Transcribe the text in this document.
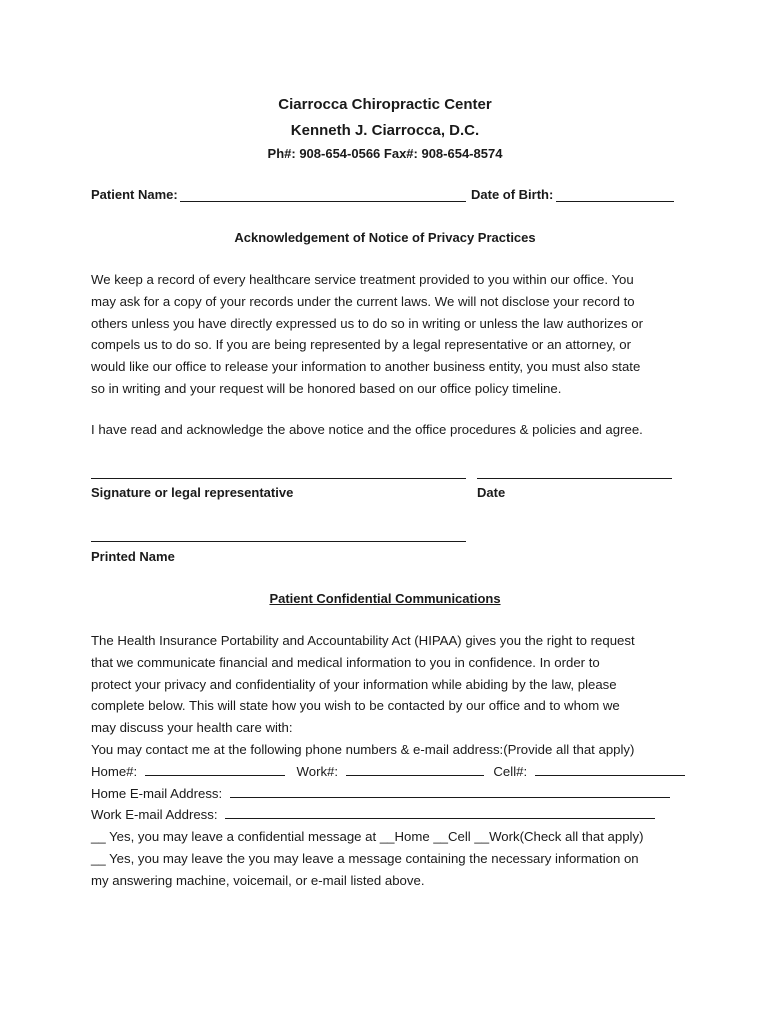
Ciarrocca Chiropractic Center
Kenneth J. Ciarrocca, D.C.
Ph#: 908-654-0566 Fax#: 908-654-8574
Patient Name:	Date of Birth:
Acknowledgement of Notice of Privacy Practices
We keep a record of every healthcare service treatment provided to you within our office. You
may ask for a copy of your records under the current laws. We will not disclose your record to
others unless you have directly expressed us to do so in writing or unless the law authorizes or
compels us to do so. If you are being represented by a legal representative or an attorney, or
would like our office to release your information to another business entity, you must also state
so in writing and your request will be honored based on our office policy timeline.
I have read and acknowledge the above notice and the office procedures & policies and agree.
Signature or legal representative	Date
Printed Name
Patient Confidential Communications
The Health Insurance Portability and Accountability Act (HIPAA) gives you the right to request
that we communicate financial and medical information to you in confidence. In order to
protect your privacy and confidentiality of your information while abiding by the law, please
complete below. This will state how you wish to be contacted by our office and to whom we
may discuss your health care with:
You may contact me at the following phone numbers & e-mail address:(Provide all that apply)
Home#:	Work#:	Cell#:
Home E-mail Address:
Work E-mail Address:
__ Yes, you may leave a confidential message at __Home __Cell __Work(Check all that apply)
__ Yes, you may leave the you may leave a message containing the necessary information on
my answering machine, voicemail, or e-mail listed above.
